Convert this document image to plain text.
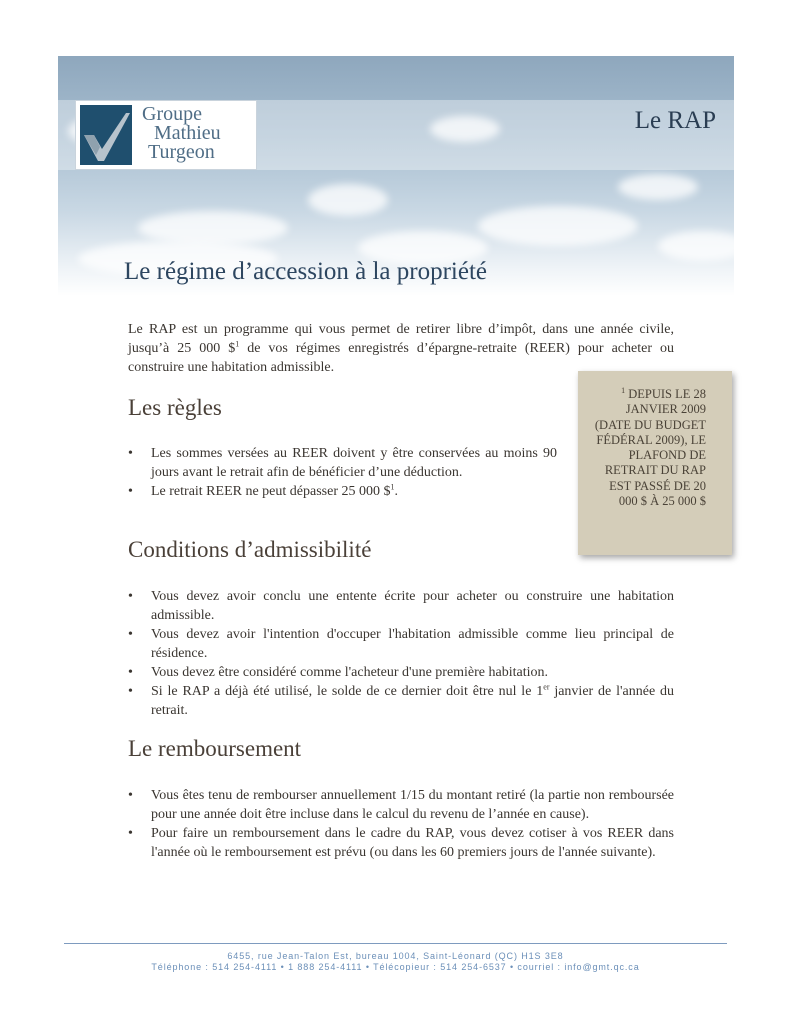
Groupe
Mathieu
Turgeon
Le RAP
Le régime d’accession à la propriété

Le RAP est un programme qui vous permet de retirer libre d’impôt, dans une année civile, jusqu’à 25 000 \$$^1$ de vos régimes enregistrés d’épargne-retraite (REER) pour acheter ou construire une habitation admissible.

Les règles
• Les sommes versées au REER doivent y être conservées au moins 90 jours avant le retrait afin de bénéficier d’une déduction.
• Le retrait REER ne peut dépasser 25 000 \$$^1$.
$^1$ DEPUIS LE 28 JANVIER 2009 (DATE DU BUDGET FÉDÉRAL 2009), LE PLAFOND DE RETRAIT DU RAP EST PASSÉ DE 20 000 $ À 25 000 $
Conditions d’admissibilité
• Vous devez avoir conclu une entente écrite pour acheter ou construire une habitation admissible.
• Vous devez avoir l'intention d'occuper l'habitation admissible comme lieu principal de résidence.
• Vous devez être considéré comme l'acheteur d'une première habitation.
• Si le RAP a déjà été utilisé, le solde de ce dernier doit être nul le 1er janvier de l'année du retrait.
Le remboursement
• Vous êtes tenu de rembourser annuellement 1/15 du montant retiré (la partie non remboursée pour une année doit être incluse dans le calcul du revenu de l’année en cause).
• Pour faire un remboursement dans le cadre du RAP, vous devez cotiser à vos REER dans l'année où le remboursement est prévu (ou dans les 60 premiers jours de l'année suivante).
6455, rue Jean-Talon Est, bureau 1004, Saint-Léonard (QC) H1S 3E8
Téléphone : 514 254-4111 • 1 888 254-4111 • Télécopieur : 514 254-6537 • courriel : info@gmt.qc.ca
